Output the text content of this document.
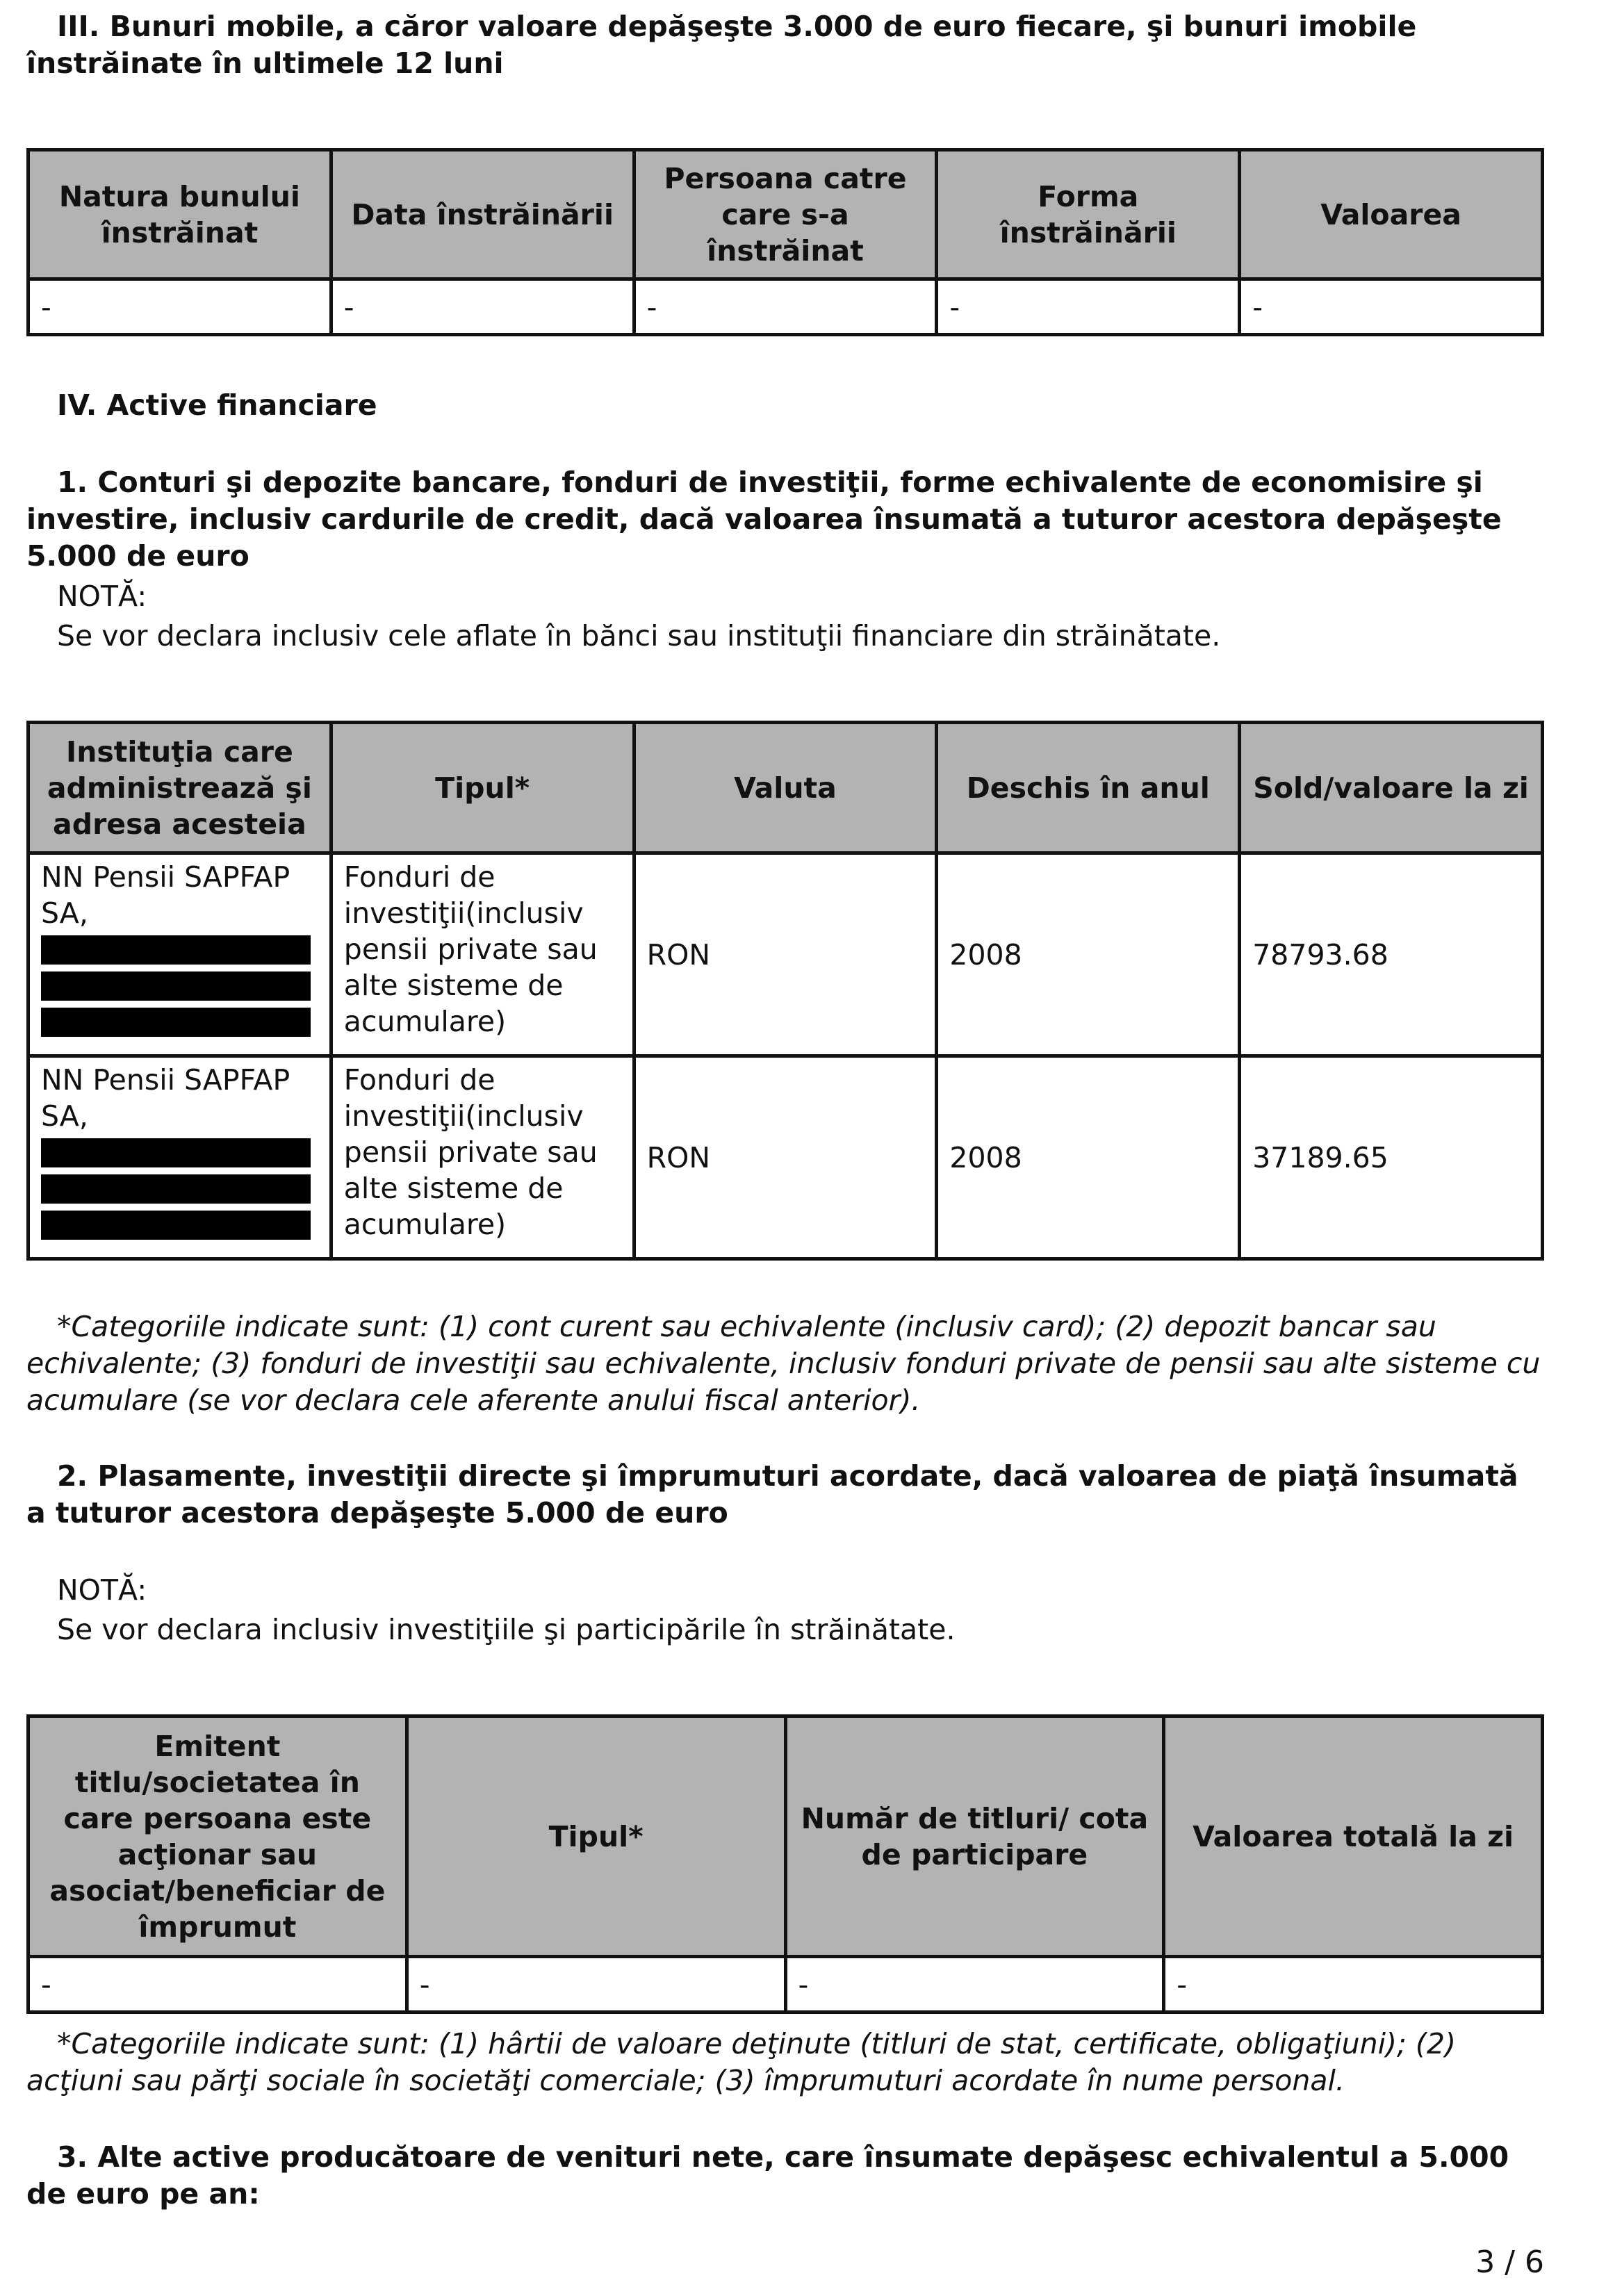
III. Bunuri mobile, a căror valoare depăşeşte 3.000 de euro fiecare, şi bunuri imobile înstrăinate în ultimele 12 luni

Natura bunului înstrăinat	Data înstrăinării	Persoana catre care s-a înstrăinat	Forma înstrăinării	Valoarea
-	-	-	-	-

IV. Active financiare

1. Conturi şi depozite bancare, fonduri de investiţii, forme echivalente de economisire şi investire, inclusiv cardurile de credit, dacă valoarea însumată a tuturor acestora depăşeşte 5.000 de euro

NOTĂ:

Se vor declara inclusiv cele aflate în bănci sau instituţii financiare din străinătate.

Instituţia care administrează şi adresa acesteia	Tipul*	Valuta	Deschis în anul	Sold/valoare la zi
NN Pensii SAPFAP SA,	Fonduri de investiţii(inclusiv pensii private sau alte sisteme de acumulare)	RON	2008	78793.68
NN Pensii SAPFAP SA,	Fonduri de investiţii(inclusiv pensii private sau alte sisteme de acumulare)	RON	2008	37189.65

*Categoriile indicate sunt: (1) cont curent sau echivalente (inclusiv card); (2) depozit bancar sau echivalente; (3) fonduri de investiţii sau echivalente, inclusiv fonduri private de pensii sau alte sisteme cu acumulare (se vor declara cele aferente anului fiscal anterior).

2. Plasamente, investiţii directe şi împrumuturi acordate, dacă valoarea de piaţă însumată a tuturor acestora depăşeşte 5.000 de euro

NOTĂ:

Se vor declara inclusiv investiţiile şi participările în străinătate.

Emitent titlu/societatea în care persoana este acţionar sau asociat/beneficiar de împrumut	Tipul*	Număr de titluri/ cota de participare	Valoarea totală la zi
-	-	-	-

*Categoriile indicate sunt: (1) hârtii de valoare deţinute (titluri de stat, certificate, obligaţiuni); (2) acţiuni sau părţi sociale în societăţi comerciale; (3) împrumuturi acordate în nume personal.

3. Alte active producătoare de venituri nete, care însumate depăşesc echivalentul a 5.000 de euro pe an:

3 / 6
